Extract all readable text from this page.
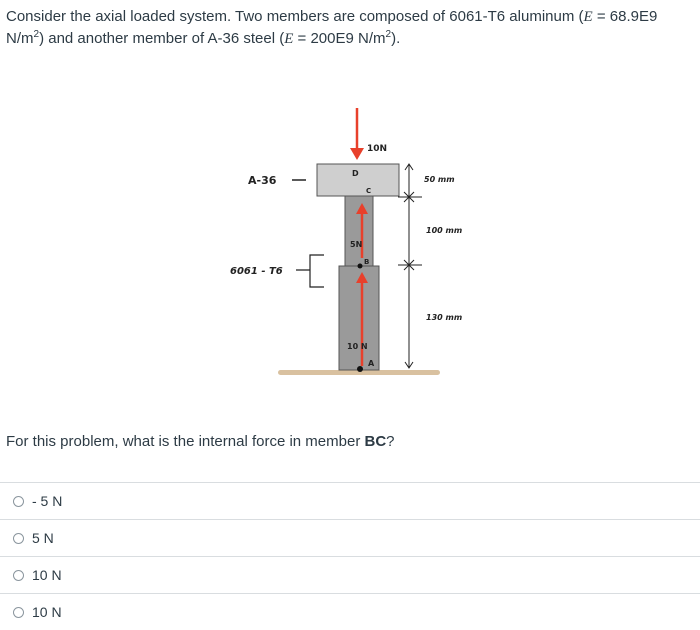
Consider the axial loaded system. Two members are composed of 6061-T6 aluminum (E = 68.9E9 $N/m^2$) and another member of A-36 steel (E = 200E9 $N/m^2$).

10N
D
C
5N
B
10 N
A
A-36
6061 - T6
50 mm
100 mm
130 mm

For this problem, what is the internal force in member BC?

- 5 N
5 N
10 N
10 N
